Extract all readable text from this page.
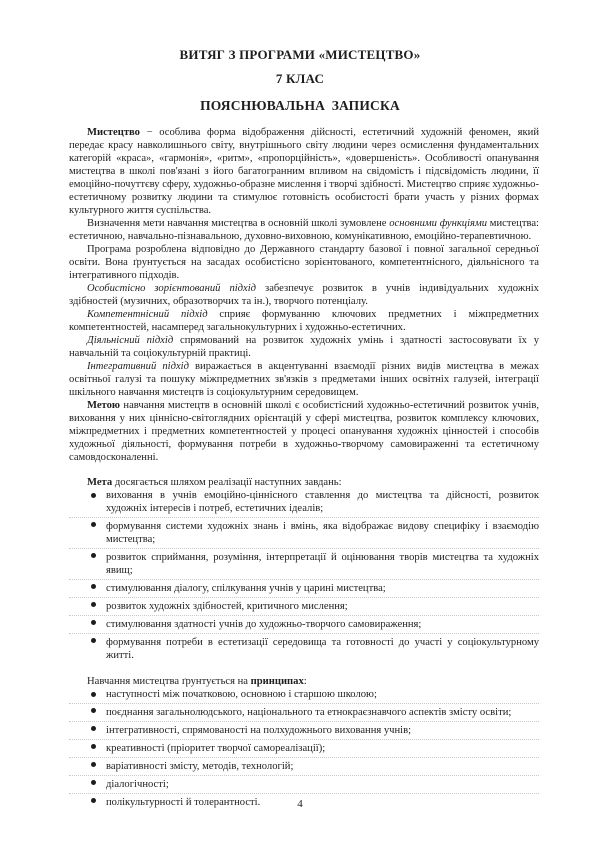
ВИТЯГ З ПРОГРАМИ «МИСТЕЦТВО»
7 КЛАС
ПОЯСНЮВАЛЬНА ЗАПИСКА

Мистецтво − особлива форма відображення дійсності, естетичний художній феномен, який передає красу навколишнього світу, внутрішнього світу людини через осмислення фундаментальних категорій «краса», «гармонія», «ритм», «пропорційність», «довершеність». Особливості опанування мистецтва в школі пов'язані з його багатогранним впливом на свідомість і підсвідомість людини, її емоційно-почуттєву сферу, художньо-образне мислення і творчі здібності. Мистецтво сприяє художньо-естетичному розвитку людини та стимулює готовність особистості брати участь у різних формах культурного життя суспільства.

Визначення мети навчання мистецтва в основній школі зумовлене основними функціями мистецтва: естетичною, навчально-пізнавальною, духовно-виховною, комунікативною, емоційно-терапевтичною.

Програма розроблена відповідно до Державного стандарту базової і повної загальної середньої освіти. Вона ґрунтується на засадах особистісно зорієнтованого, компетентнісного, діяльнісного та інтегративного підходів.

Особистісно зорієнтований підхід забезпечує розвиток в учнів індивідуальних художніх здібностей (музичних, образотворчих та ін.), творчого потенціалу.

Компетентнісний підхід сприяє формуванню ключових предметних і міжпредметних компетентностей, насамперед загальнокультурних і художньо-естетичних.

Діяльнісний підхід спрямований на розвиток художніх умінь і здатності застосовувати їх у навчальній та соціокультурній практиці.

Інтегративний підхід виражається в акцентуванні взаємодії різних видів мистецтва в межах освітньої галузі та пошуку міжпредметних зв'язків з предметами інших освітніх галузей, інтеграції шкільного навчання мистецтв із соціокультурним середовищем.

Метою навчання мистецтв в основній школі є особистісний художньо-естетичний розвиток учнів, виховання у них ціннісно-світоглядних орієнтацій у сфері мистецтва, розвиток комплексу ключових, міжпредметних і предметних компетентностей у процесі опанування художніх цінностей і способів художньої діяльності, формування потреби в художньо-творчому самовираженні та естетичному самовдосконаленні.

Мета досягається шляхом реалізації наступних завдань:

виховання в учнів емоційно-ціннісного ставлення до мистецтва та дійсності, розвиток художніх інтересів і потреб, естетичних ідеалів;
формування системи художніх знань і вмінь, яка відображає видову специфіку і взаємодію мистецтва;
розвиток сприймання, розуміння, інтерпретації й оцінювання творів мистецтва та художніх явищ;
стимулювання діалогу, спілкування учнів у царині мистецтва;
розвиток художніх здібностей, критичного мислення;
стимулювання здатності учнів до художньо-творчого самовираження;
формування потреби в естетизації середовища та готовності до участі у соціокультурному житті.

Навчання мистецтва ґрунтується на принципах:

наступності між початковою, основною і старшою школою;
поєднання загальнолюдського, національного та етнокраєзнавчого аспектів змісту освіти;
інтегративності, спрямованості на полхудожнього виховання учнів;
креативності (пріоритет творчої самореалізації);
варіативності змісту, методів, технологій;
діалогічності;
полікультурності й толерантності.	4
